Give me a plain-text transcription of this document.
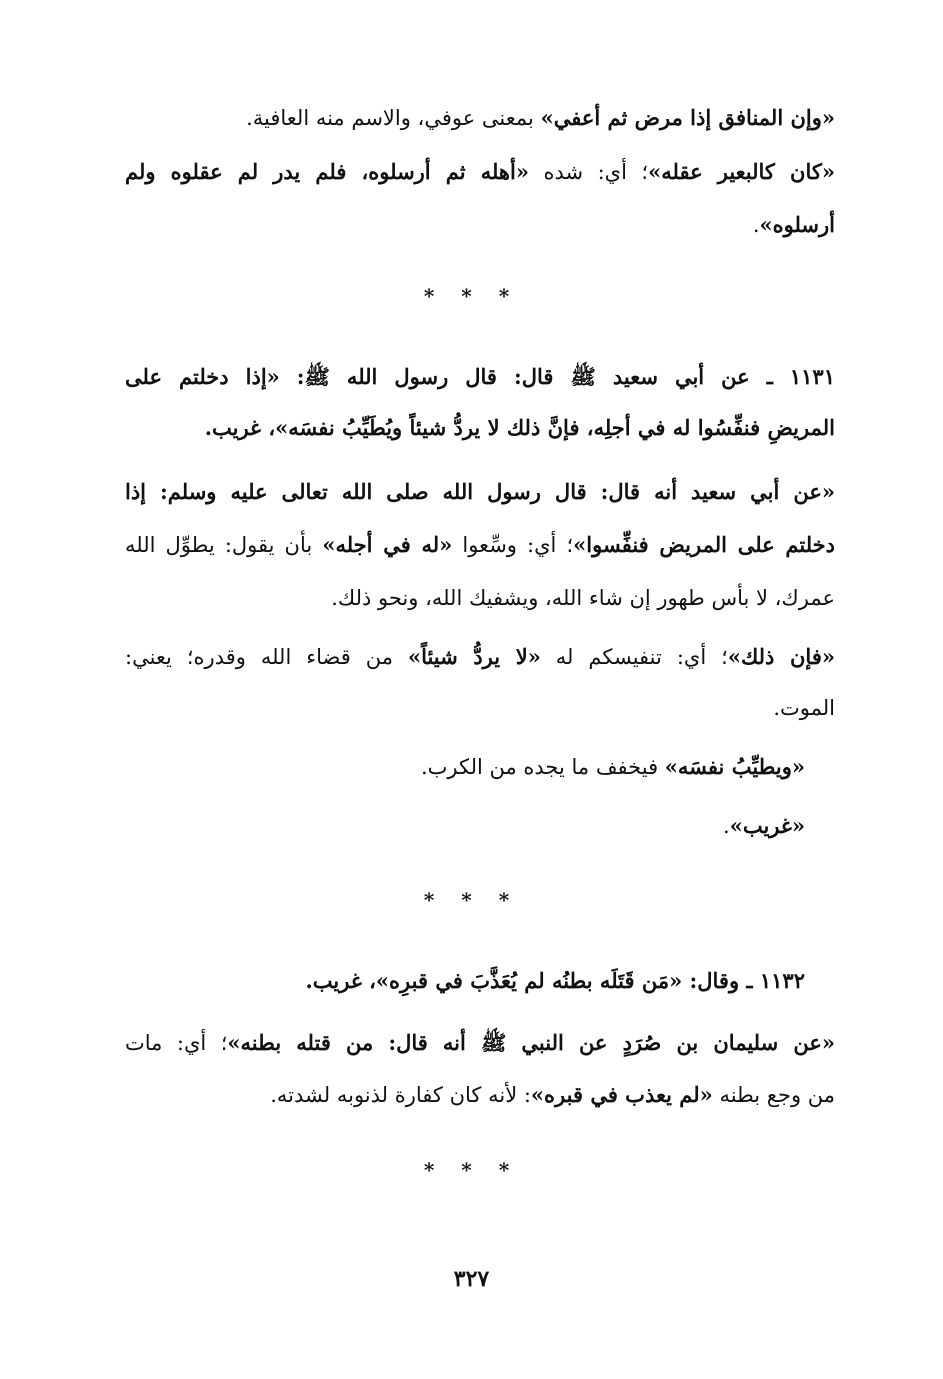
«وإن المنافق إذا مرض ثم أعفي» بمعنى عوفي، والاسم منه العافية.
«كان كالبعير عقله»؛ أي: شده «أهله ثم أرسلوه، فلم يدر لم عقلوه ولم
أرسلوه».
* * *
١١٣١ ـ عن أبي سعيد ﷺ قال: قال رسول الله ﷺ: «إذا دخلتم على
المريضِ فنفِّسُوا له في أجلِه، فإنَّ ذلك لا يردُّ شيئاً ويُطَيِّبُ نفسَه»، غريب.
«عن أبي سعيد أنه قال: قال رسول الله صلى الله تعالى عليه وسلم: إذا
دخلتم على المريض فنفِّسوا»؛ أي: وسِّعوا «له في أجله» بأن يقول: يطوِّل الله
عمرك، لا بأس طهور إن شاء الله، ويشفيك الله، ونحو ذلك.
«فإن ذلك»؛ أي: تنفيسكم له «لا يردُّ شيئاً» من قضاء الله وقدره؛ يعني:
الموت.
«ويطيِّبُ نفسَه» فيخفف ما يجده من الكرب.
«غريب».
* * *
١١٣٢ ـ وقال: «مَن قَتَلَه بطنُه لم يُعَذَّبَ في قبرِه»، غريب.
«عن سليمان بن صُرَدٍ عن النبي ﷺ أنه قال: من قتله بطنه»؛ أي: مات
من وجع بطنه «لم يعذب في قبره»: لأنه كان كفارة لذنوبه لشدته.
* * *
٣٢٧
